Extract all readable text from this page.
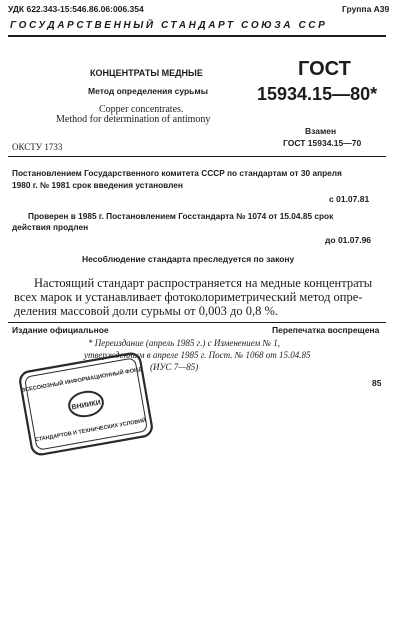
УДК 622.343-15:546.86.06:006.354	Группа А39
ГОСУДАРСТВЕННЫЙ СТАНДАРТ СОЮЗА ССР
КОНЦЕНТРАТЫ МЕДНЫЕ
Метод определения сурьмы
Copper concentrates.
Method for determination of antimony
ГОСТ
15934.15—80*
Взамен
ГОСТ 15934.15—70
ОКСТУ 1733
Постановлением Государственного комитета СССР по стандартам от 30 апреля
1980 г. № 1981 срок введения установлен
с 01.07.81
Проверен в 1985 г. Постановлением Госстандарта № 1074 от 15.04.85 срок
действия продлен
до 01.07.96
Несоблюдение стандарта преследуется по закону
Настоящий стандарт распространяется на медные концентраты
всех марок и устанавливает фотоколориметрический метод опре-
деления массовой доли сурьмы от 0,003 до 0,8 %.
Издание официальное	Перепечатка воспрещена
* Переиздание (апрель 1985 г.) с Изменением № 1,
утвержденным в апреле 1985 г. Пост. № 1068 от 15.04.85
(ИУС 7—85)
85
ВСЕСОЮЗНЫЙ ИНФОРМАЦИОННЫЙ ФОНД
ВНИИКИ
СТАНДАРТОВ И ТЕХНИЧЕСКИХ УСЛОВИЙ
